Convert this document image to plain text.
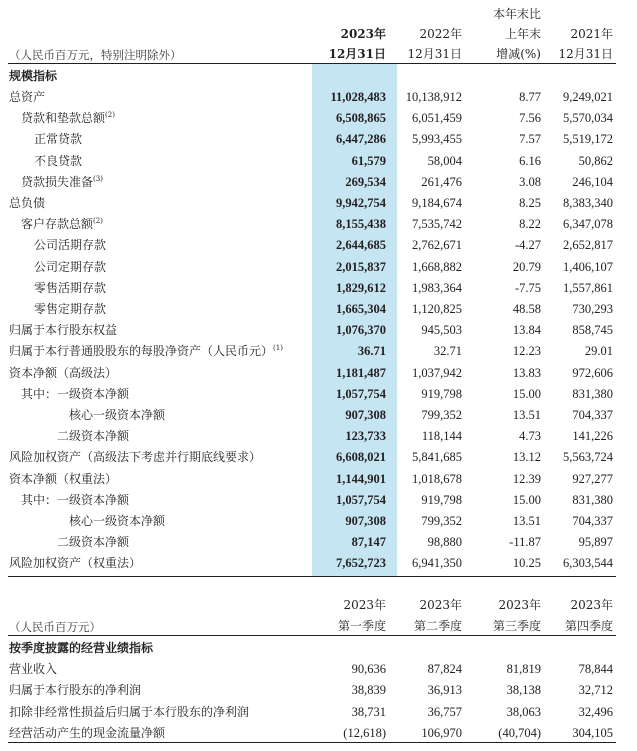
本年末比
2023年	2022年	上年末 2021年
（人民币百万元，特别注明除外）	12月31日 12月31日	增减(%) 12月31日
规模指标
总资产	11,028,483 10,138,912	8.77 9,249,021
贷款和垫款总额$^{(2)}$	6,508,865 6,051,459	7.56 5,570,034
正常贷款	6,447,286 5,993,455	7.57 5,519,172
不良贷款	61,579	58,004	6.16	50,862
贷款损失准备$^{(3)}$	269,534	261,476	3.08	246,104
总负债	9,942,754 9,184,674	8.25 8,383,340
客户存款总额$^{(2)}$	8,155,438 7,535,742	8.22 6,347,078
公司活期存款	2,644,685 2,762,671	-4.27 2,652,817
公司定期存款	2,015,837 1,668,882	20.79 1,406,107
零售活期存款	1,829,612 1,983,364	-7.75 1,557,861
零售定期存款	1,665,304 1,120,825	48.58	730,293
归属于本行股东权益	1,076,370	945,503	13.84	858,745
归属于本行普通股股东的每股净资产（人民币元）$^{(1)}$	36.71	32.71	12.23	29.01
资本净额（高级法）	1,181,487 1,037,942	13.83	972,606
其中：一级资本净额	1,057,754	919,798	15.00	831,380
核心一级资本净额	907,308	799,352	13.51	704,337
二级资本净额	123,733	118,144	4.73	141,226
风险加权资产（高级法下考虑并行期底线要求）	6,608,021 5,841,685	13.12 5,563,724
资本净额（权重法）	1,144,901 1,018,678	12.39	927,277
其中：一级资本净额	1,057,754	919,798	15.00	831,380
核心一级资本净额	907,308	799,352	13.51	704,337
二级资本净额	87,147	98,880	-11.87	95,897
风险加权资产（权重法）	7,652,723 6,941,350	10.25 6,303,544
2023年	2023年	2023年 2023年
（人民币百万元）	第一季度 第二季度	第三季度 第四季度
按季度披露的经营业绩指标
营业收入	90,636	87,824	81,819	78,844
归属于本行股东的净利润	38,839	36,913	38,138	32,712
扣除非经常性损益后归属于本行股东的净利润	38,731	36,757	38,063	32,496
经营活动产生的现金流量净额	(12,618)	106,970	(40,704)	304,105
